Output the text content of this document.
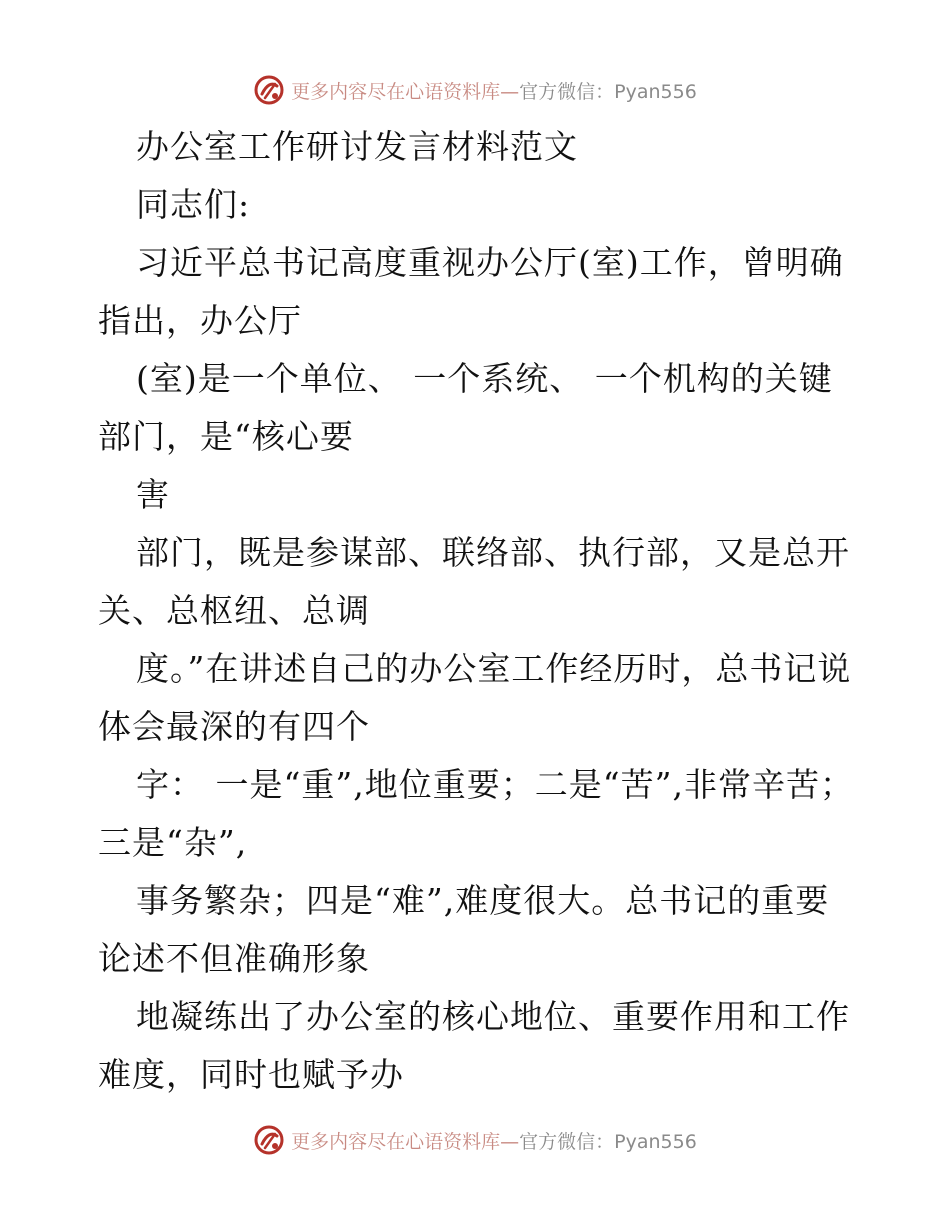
更多内容尽在心语资料库—官方微信：Pyan556

办公室工作研讨发言材料范文

同志们:

习近平总书记高度重视办公厅(室)工作，曾明确指出，办公厅

(室)是一个单位、 一个系统、 一个机构的关键部门，是“核心要

害

部门，既是参谋部、联络部、执行部，又是总开关、总枢纽、总调

度。”在讲述自己的办公室工作经历时，总书记说体会最深的有四个

字： 一是“重”,地位重要；二是“苦”,非常辛苦；三是“杂”,

事务繁杂；四是“难”,难度很大。总书记的重要论述不但准确形象

地凝练出了办公室的核心地位、重要作用和工作难度，同时也赋予办

更多内容尽在心语资料库—官方微信：Pyan556
